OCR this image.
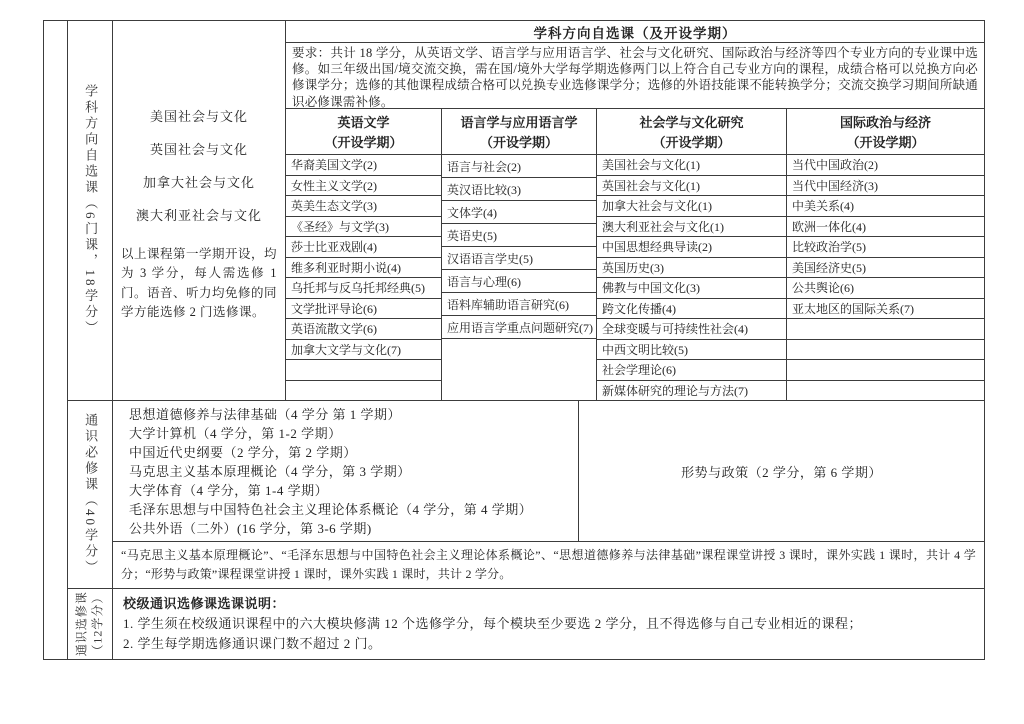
学科方向自选课（6门课，18学分）	美国社会与文化
英国社会与文化
加拿大社会与文化
澳大利亚社会与文化
以上课程第一学期开设，均为 3 学分，每人需选修 1 门。语音、听力均免修的同学方能选修 2 门选修课。
学科方向自选课（及开设学期）
要求：共计 18 学分，从英语文学、语言学与应用语言学、社会与文化研究、国际政治与经济等四个专业方向的专业课中选修。如三年级出国/境交流交换，需在国/境外大学每学期选修两门以上符合自己专业方向的课程，成绩合格可以兑换方向必修课学分；选修的其他课程成绩合格可以兑换专业选修课学分；选修的外语技能课不能转换学分；交流交换学习期间所缺通识必修课需补修。
英语文学
（开设学期）
华裔美国文学(2)
女性主义文学(2)
英美生态文学(3)
《圣经》与文学(3)
莎士比亚戏剧(4)
维多利亚时期小说(4)
乌托邦与反乌托邦经典(5)
文学批评导论(6)
英语流散文学(6)
加拿大文学与文化(7)
语言学与应用语言学
（开设学期）
语言与社会(2)
英汉语比较(3)
文体学(4)
英语史(5)
汉语语言学史(5)
语言与心理(6)
语料库辅助语言研究(6)
应用语言学重点问题研究(7)
社会学与文化研究
（开设学期）
美国社会与文化(1)
英国社会与文化(1)
加拿大社会与文化(1)
澳大利亚社会与文化(1)
中国思想经典导读(2)
英国历史(3)
佛教与中国文化(3)
跨文化传播(4)
全球变暖与可持续性社会(4)
中西文明比较(5)
社会学理论(6)
新媒体研究的理论与方法(7)
国际政治与经济
（开设学期）
当代中国政治(2)
当代中国经济(3)
中美关系(4)
欧洲一体化(4)
比较政治学(5)
美国经济史(5)
公共舆论(6)
亚太地区的国际关系(7)
通识必修课（40学分） 思想道德修养与法律基础（4 学分 第 1 学期）
大学计算机（4 学分，第 1-2 学期）
中国近代史纲要（2 学分，第 2 学期）
马克思主义基本原理概论（4 学分，第 3 学期）
大学体育（4 学分，第 1-4 学期）
毛泽东思想与中国特色社会主义理论体系概论（4 学分，第 4 学期）
公共外语（二外）(16 学分，第 3-6 学期)
形势与政策（2 学分，第 6 学期）
“马克思主义基本原理概论”、“毛泽东思想与中国特色社会主义理论体系概论”、“思想道德修养与法律基础”课程课堂讲授 3 课时，课外实践 1 课时，共计 4 学分；“形势与政策”课程课堂讲授 1 课时，课外实践 1 课时，共计 2 学分。
通识选修课 （12学分） 校级通识选修课选课说明：
1. 学生须在校级通识课程中的六大模块修满 12 个选修学分，每个模块至少要选 2 学分，且不得选修与自己专业相近的课程；
2. 学生每学期选修通识课门数不超过 2 门。
